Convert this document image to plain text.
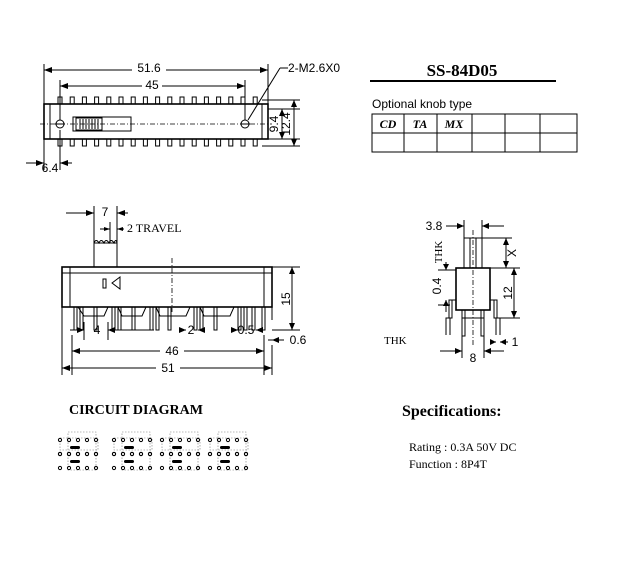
51.6
45
2-M2.6X0
9.4
12.4
6.4
SS-84D05
Optional knob type
CD TA MX
7
2 TRAVEL
15
4	2	0.5
0.6
46
51
3.8
THK	X
0.4	12
THK
8
1
CIRCUIT DIAGRAM	Specifications:
Rating : 0.3A 50V DC
Function : 8P4T
